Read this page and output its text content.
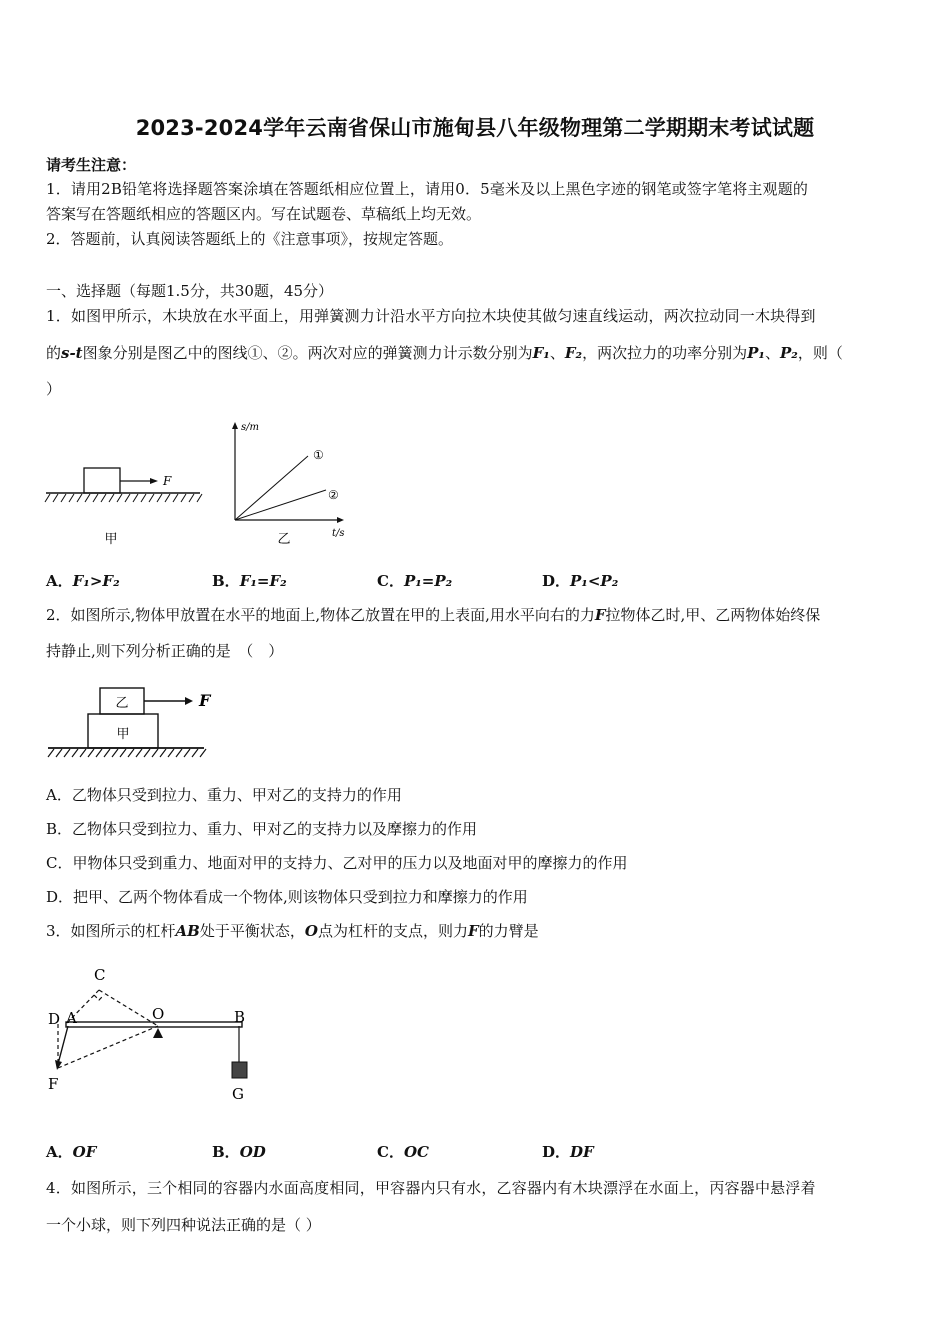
2023-2024学年云南省保山市施甸县八年级物理第二学期期末考试试题
请考生注意：
1．请用2B铅笔将选择题答案涂填在答题纸相应位置上，请用0．5毫米及以上黑色字迹的钢笔或签字笔将主观题的
答案写在答题纸相应的答题区内。写在试题卷、草稿纸上均无效。
2．答题前，认真阅读答题纸上的《注意事项》，按规定答题。
一、选择题（每题1.5分，共30题，45分）
1．如图甲所示，木块放在水平面上，用弹簧测力计沿水平方向拉木块使其做匀速直线运动，两次拉动同一木块得到
的s-t图象分别是图乙中的图线①、②。两次对应的弹簧测力计示数分别为F₁、F₂，两次拉力的功率分别为P₁、P₂，则（
）
F
甲
s/m
t/s
①
②
乙
A．F₁>F₂	B．F₁=F₂	C．P₁=P₂	D．P₁<P₂
2．如图所示,物体甲放置在水平的地面上,物体乙放置在甲的上表面,用水平向右的力F拉物体乙时,甲、乙两物体始终保
持静止,则下列分析正确的是　（　）
乙
甲
F
A．乙物体只受到拉力、重力、甲对乙的支持力的作用
B．乙物体只受到拉力、重力、甲对乙的支持力以及摩擦力的作用
C．甲物体只受到重力、地面对甲的支持力、乙对甲的压力以及地面对甲的摩擦力的作用
D．把甲、乙两个物体看成一个物体,则该物体只受到拉力和摩擦力的作用
3．如图所示的杠杆AB处于平衡状态，O点为杠杆的支点，则力F的力臂是
C
D A	O	B
F
G
A．OF	B．OD	C．OC	D．DF
4．如图所示，三个相同的容器内水面高度相同，甲容器内只有水，乙容器内有木块漂浮在水面上，丙容器中悬浮着
一个小球，则下列四种说法正确的是（ ）
